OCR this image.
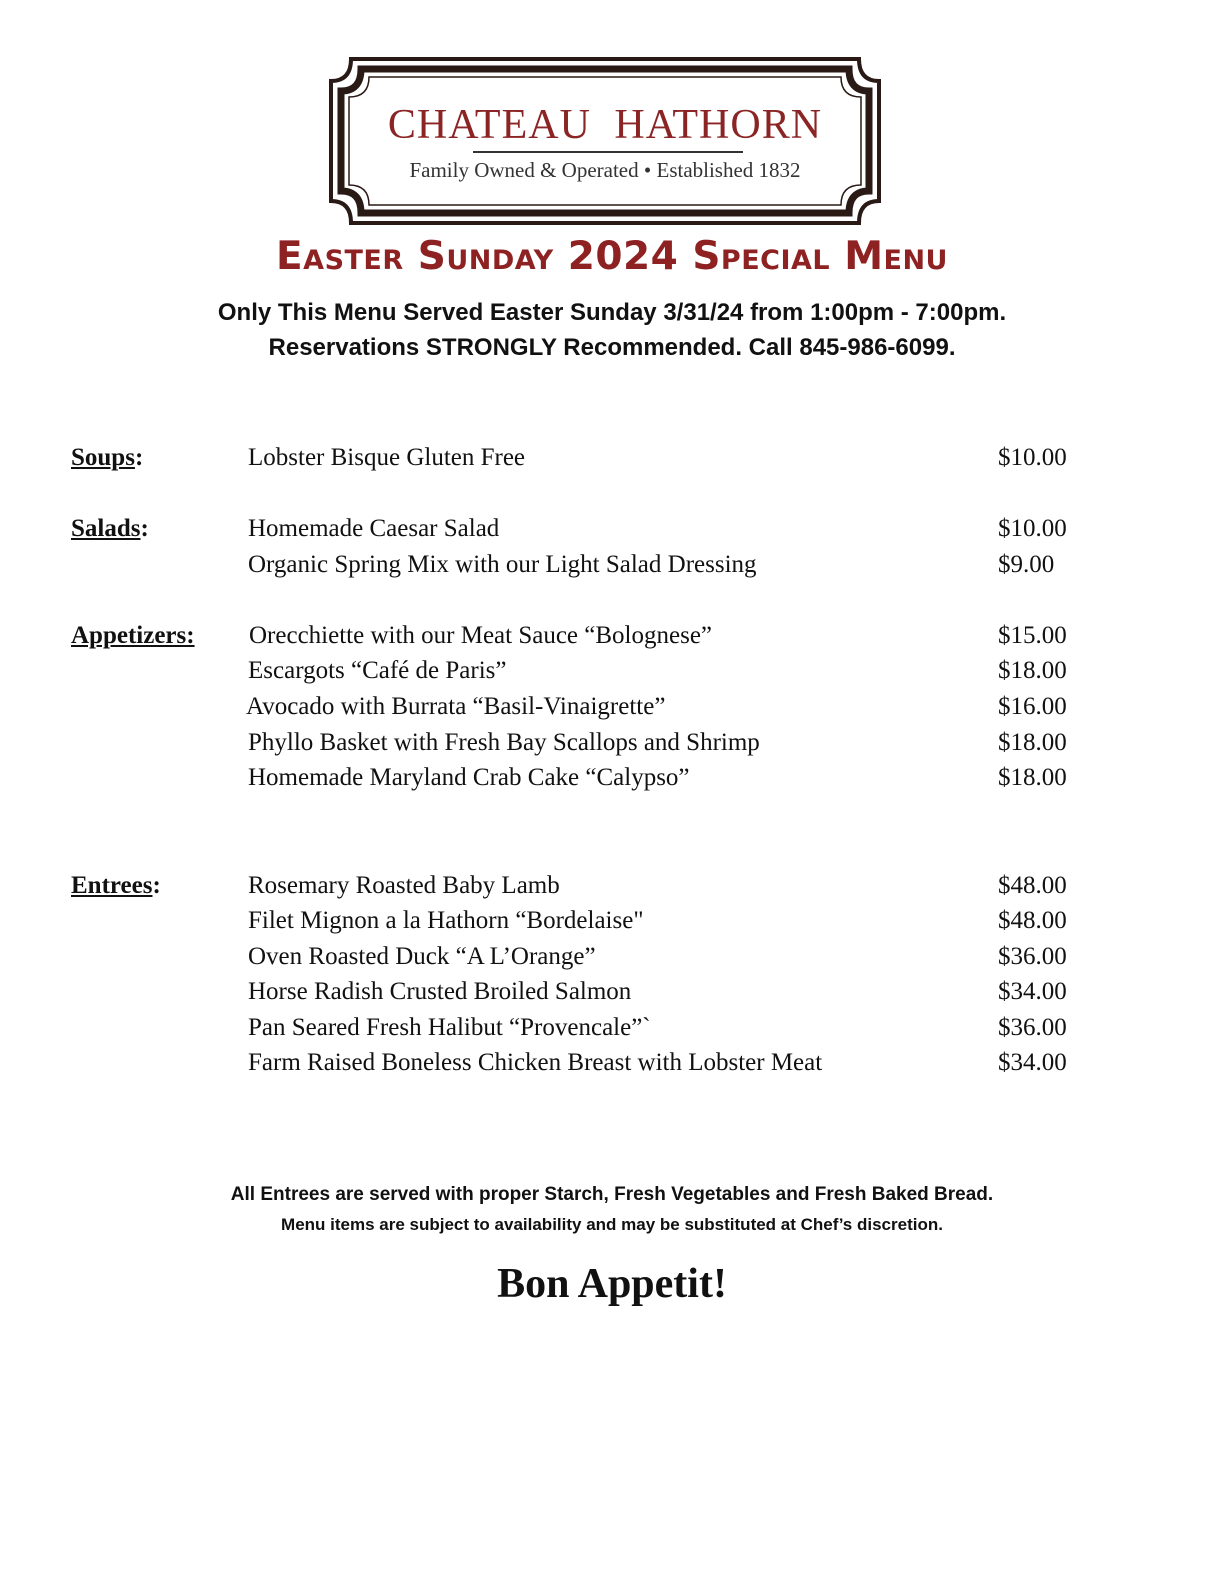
CHATEAU HATHORN
Family Owned & Operated • Established 1832
Easter Sunday 2024 Special Menu
Only This Menu Served Easter Sunday 3/31/24 from 1:00pm - 7:00pm.
Reservations STRONGLY Recommended. Call 845-986-6099.
Soups:	Lobster Bisque Gluten Free	$10.00
Salads:	Homemade Caesar Salad	$10.00
Organic Spring Mix with our Light Salad Dressing	$9.00
Appetizers: Orecchiette with our Meat Sauce “Bolognese”	$15.00
Escargots “Café de Paris”	$18.00
Avocado with Burrata “Basil-Vinaigrette”	$16.00
Phyllo Basket with Fresh Bay Scallops and Shrimp	$18.00
Homemade Maryland Crab Cake “Calypso”	$18.00
Entrees:	Rosemary Roasted Baby Lamb	$48.00
Filet Mignon a la Hathorn “Bordelaise"	$48.00
Oven Roasted Duck “A L’Orange”	$36.00
Horse Radish Crusted Broiled Salmon	$34.00
Pan Seared Fresh Halibut “Provencale”`	$36.00
Farm Raised Boneless Chicken Breast with Lobster Meat	$34.00
All Entrees are served with proper Starch, Fresh Vegetables and Fresh Baked Bread.
Menu items are subject to availability and may be substituted at Chef’s discretion.
Bon Appetit!
